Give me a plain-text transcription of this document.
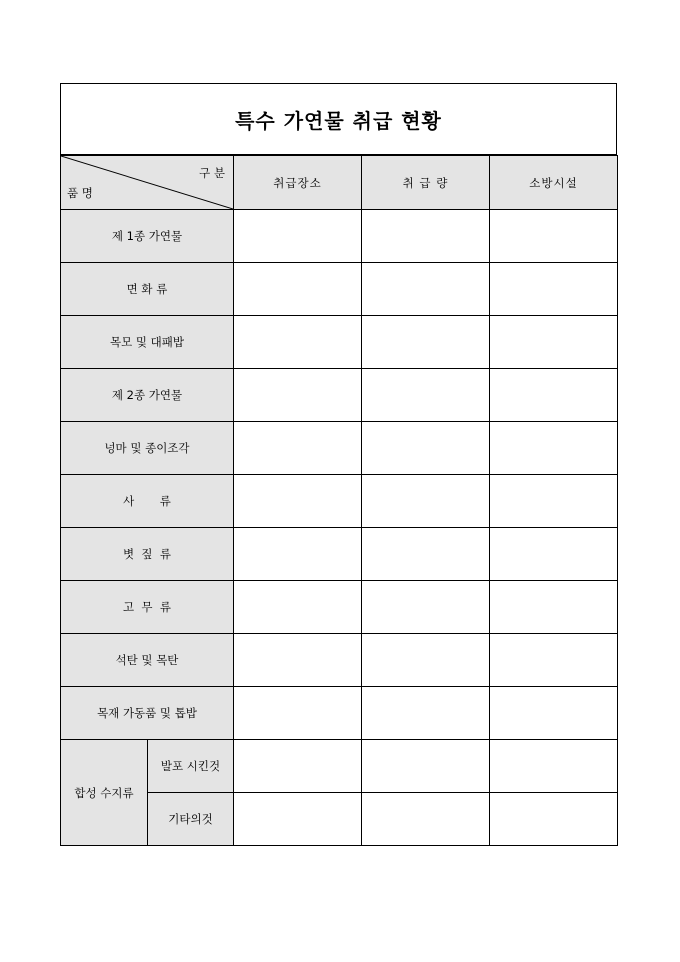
특수 가연물 취급 현황
구 분
품 명		취급장소	취 급 량	소방시설
제 1종 가연물				
면 화 류				
목모 및 대패밥				
제 2종 가연물				
넝마 및 종이조각				
사       류				
볏  짚  류				
고  무  류				
석탄 및 목탄				
목재 가동품 및 톱밥				
합성 수지류	발포 시킨것			
	기타의것			
